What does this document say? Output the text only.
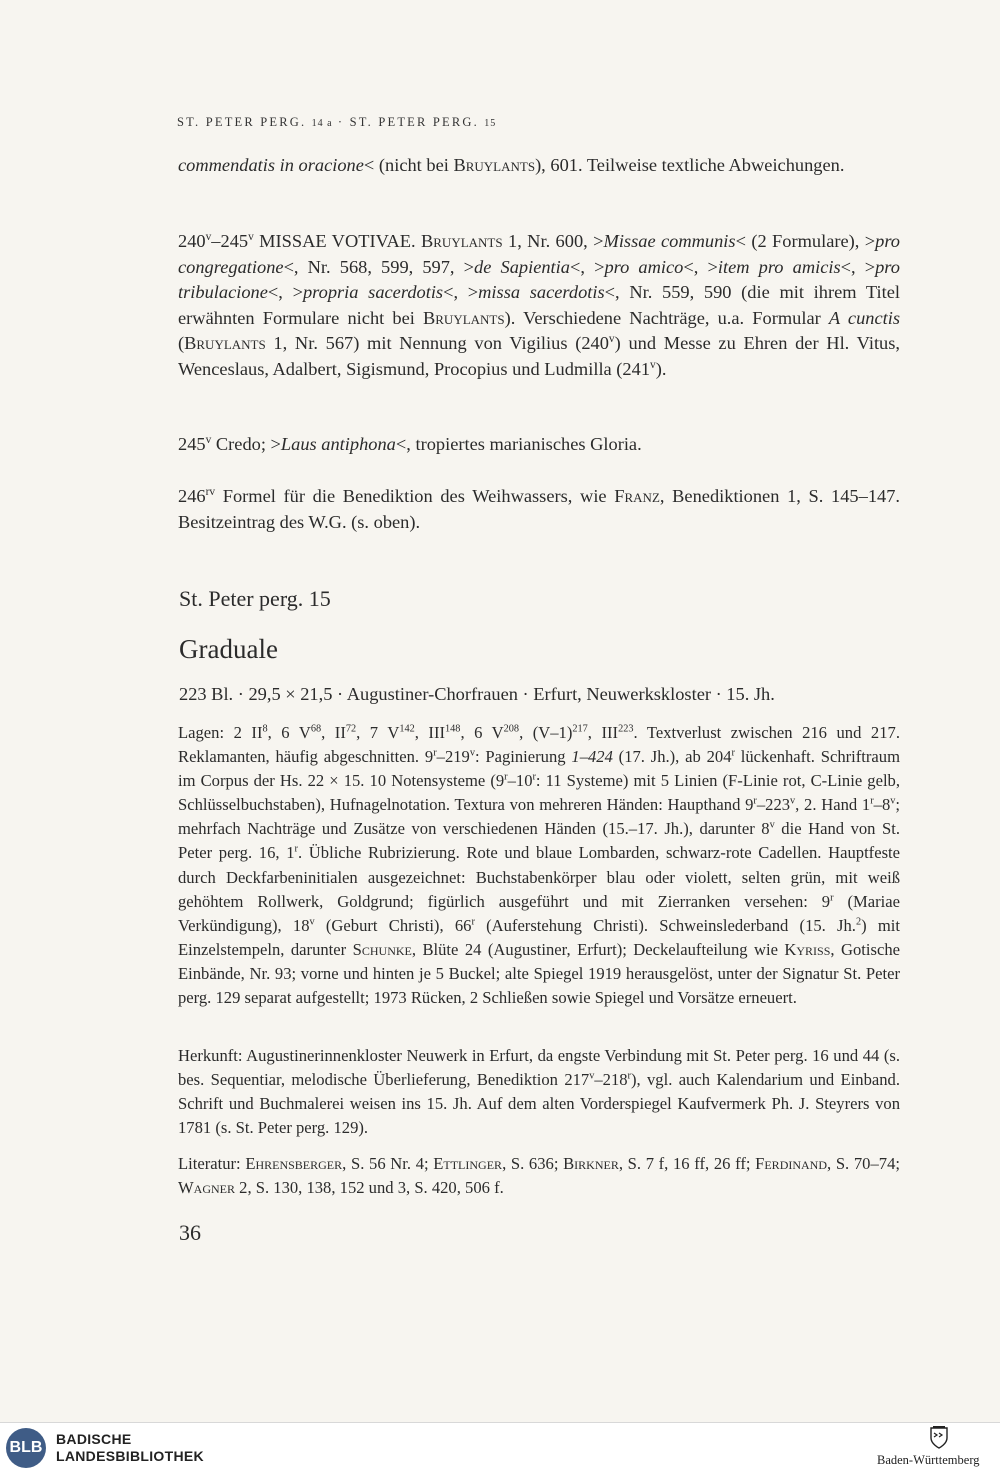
ST. PETER PERG. 14 a · ST. PETER PERG. 15

commendatis in oracione< (nicht bei Bruylants), 601. Teilweise textliche Abweichungen.

240$^v$–245$^v$ MISSAE VOTIVAE. Bruylants 1, Nr. 600, >Missae communis< (2 Formulare), >pro congregatione<, Nr. 568, 599, 597, >de Sapientia<, >pro amico<, >item pro amicis<, >pro tribulacione<, >propria sacerdotis<, >missa sacerdotis<, Nr. 559, 590 (die mit ihrem Titel erwähnten Formulare nicht bei Bruylants). Verschiedene Nachträge, u.a. Formular A cunctis (Bruylants 1, Nr. 567) mit Nennung von Vigilius (240$^v$) und Messe zu Ehren der Hl. Vitus, Wenceslaus, Adalbert, Sigismund, Procopius und Ludmilla (241$^v$).

245$^v$ Credo; >Laus antiphona<, tropiertes marianisches Gloria.

$246^{rv}$ Formel für die Benediktion des Weihwassers, wie Franz, Benediktionen 1, S. 145–147. Besitzeintrag des W.G. (s. oben).

St. Peter perg. 15
Graduale
223 Bl. · 29,5 × 21,5 · Augustiner-Chorfrauen · Erfurt, Neuwerkskloster · 15. Jh.

Lagen: 2 $II^8$, 6 $V^{68}$, II$^{72}$, 7 $V^{142}$, III$^{148}$, 6 $V^{208}$, $(V-1)^{217}$, III$^{223}$. Textverlust zwischen 216 und 217. Reklamanten, häufig abgeschnitten. 9$^r$–219$^v$: Paginierung 1–424 (17. Jh.), ab 204$^r$ lückenhaft. Schriftraum im Corpus der Hs. 22 × 15. 10 Notensysteme (9$^r$–10$^r$: 11 Systeme) mit 5 Linien (F-Linie rot, C-Linie gelb, Schlüsselbuchstaben), Hufnagelnotation. Textura von mehreren Händen: Haupthand 9$^r$–223$^v$, 2. Hand 1$^r$–8$^v$; mehrfach Nachträge und Zusätze von verschiedenen Händen (15.–17. Jh.), darunter 8$^v$ die Hand von St. Peter perg. 16, 1$^r$. Übliche Rubrizierung. Rote und blaue Lombarden, schwarz-rote Cadellen. Hauptfeste durch Deckfarbeninitialen ausgezeichnet: Buchstabenkörper blau oder violett, selten grün, mit weiß gehöhtem Rollwerk, Goldgrund; figürlich ausgeführt und mit Zierranken versehen: 9$^r$ (Mariae Verkündigung), 18$^v$ (Geburt Christi), 66$^r$ (Auferstehung Christi). Schweinslederband (15. Jh.$^2$) mit Einzelstempeln, darunter Schunke, Blüte 24 (Augustiner, Erfurt); Deckelaufteilung wie Kyriss, Gotische Einbände, Nr. 93; vorne und hinten je 5 Buckel; alte Spiegel 1919 herausgelöst, unter der Signatur St. Peter perg. 129 separat aufgestellt; 1973 Rücken, 2 Schließen sowie Spiegel und Vorsätze erneuert.

Herkunft: Augustinerinnenkloster Neuwerk in Erfurt, da engste Verbindung mit St. Peter perg. 16 und 44 (s. bes. Sequentiar, melodische Überlieferung, Benediktion 217$^v$–218$^r$), vgl. auch Kalendarium und Einband. Schrift und Buchmalerei weisen ins 15. Jh. Auf dem alten Vorderspiegel Kaufvermerk Ph. J. Steyrers von 1781 (s. St. Peter perg. 129).

Literatur: Ehrensberger, S. 56 Nr. 4; Ettlinger, S. 636; Birkner, S. 7 f, 16 ff, 26 ff; Ferdinand, S. 70–74; Wagner 2, S. 130, 138, 152 und 3, S. 420, 506 f.

36
BLB BADISCHE
LANDESBIBLIOTHEK	Baden-Württemberg
